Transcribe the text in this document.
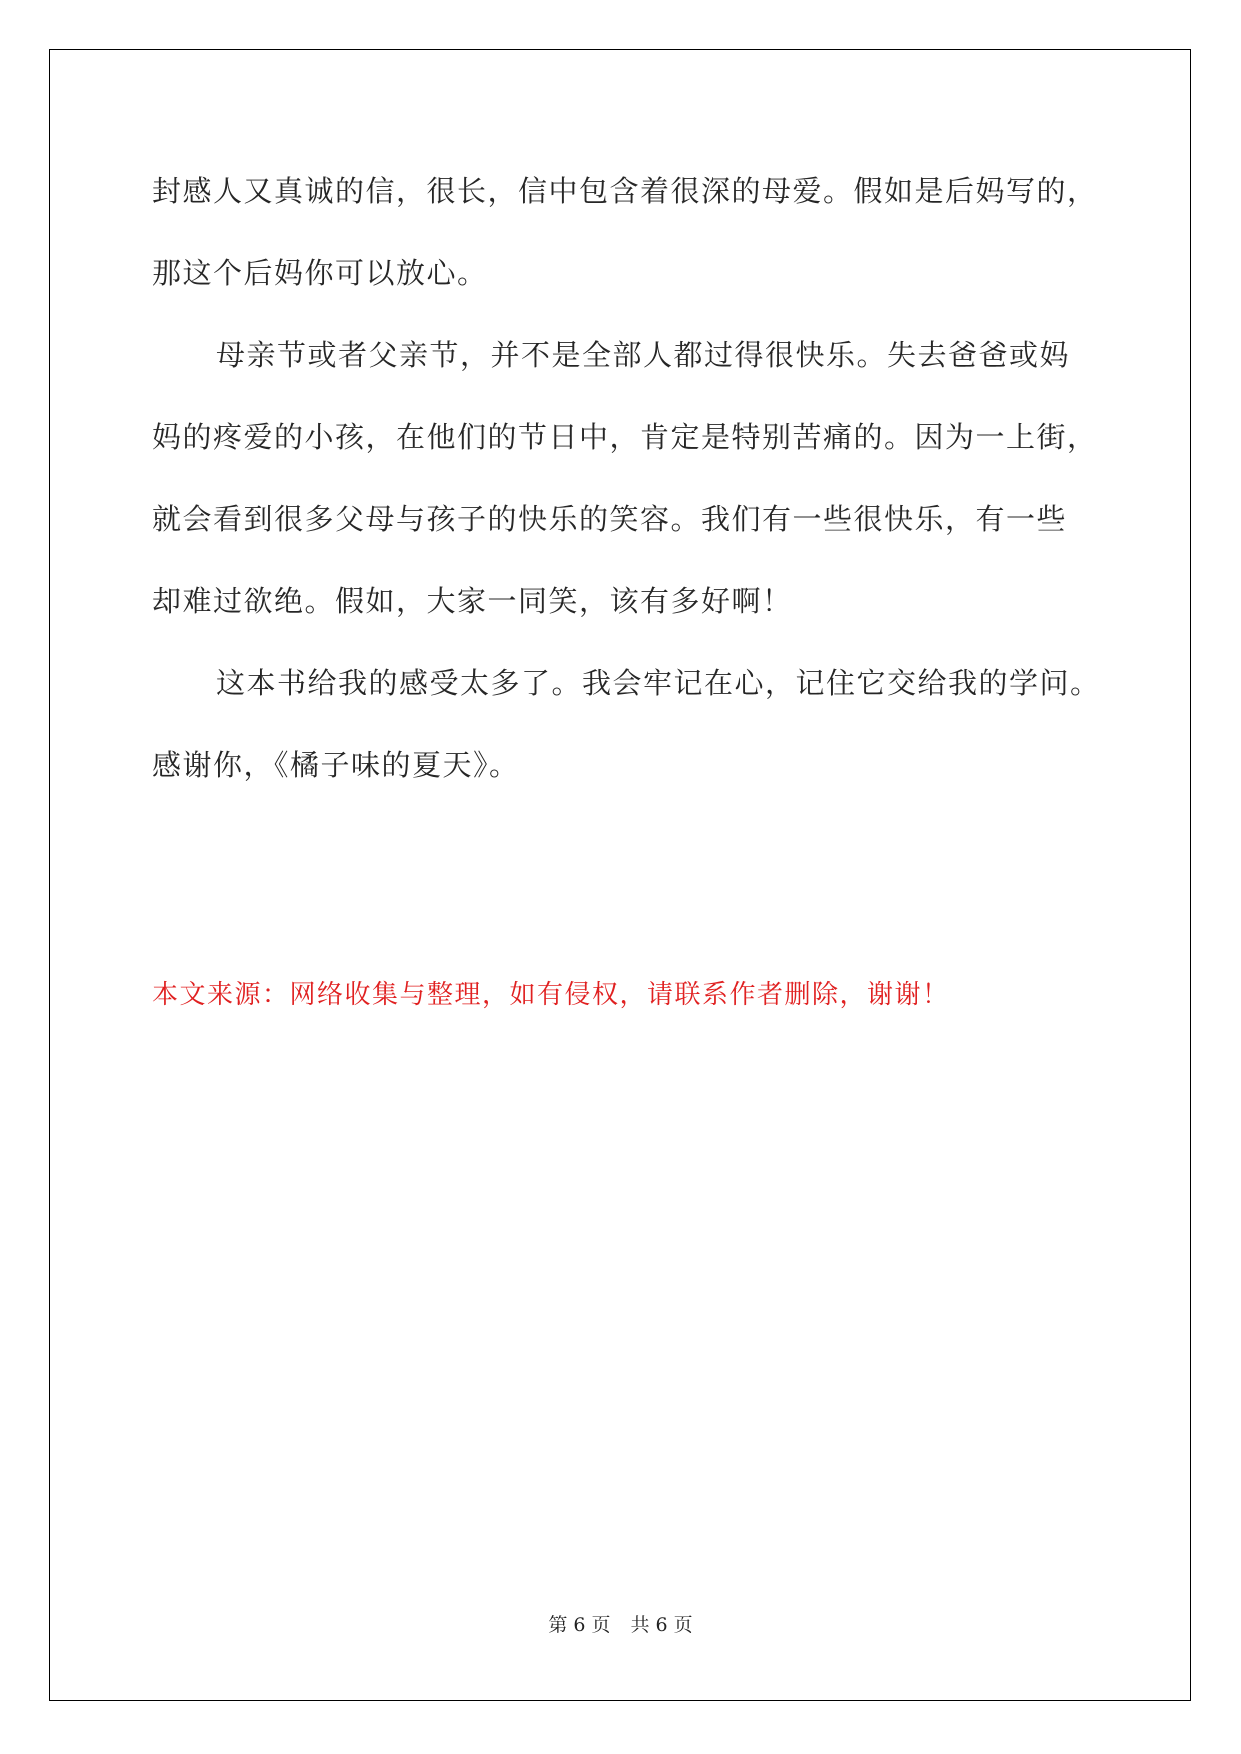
封感人又真诚的信，很长，信中包含着很深的母爱。假如是后妈写的，
那这个后妈你可以放心。

母亲节或者父亲节，并不是全部人都过得很快乐。失去爸爸或妈
妈的疼爱的小孩，在他们的节日中，肯定是特别苦痛的。因为一上街，
就会看到很多父母与孩子的快乐的笑容。我们有一些很快乐，有一些
却难过欲绝。假如，大家一同笑，该有多好啊！

这本书给我的感受太多了。我会牢记在心，记住它交给我的学问。
感谢你，《橘子味的夏天》。

本文来源：网络收集与整理，如有侵权，请联系作者删除，谢谢！
第 6 页 共 6 页
